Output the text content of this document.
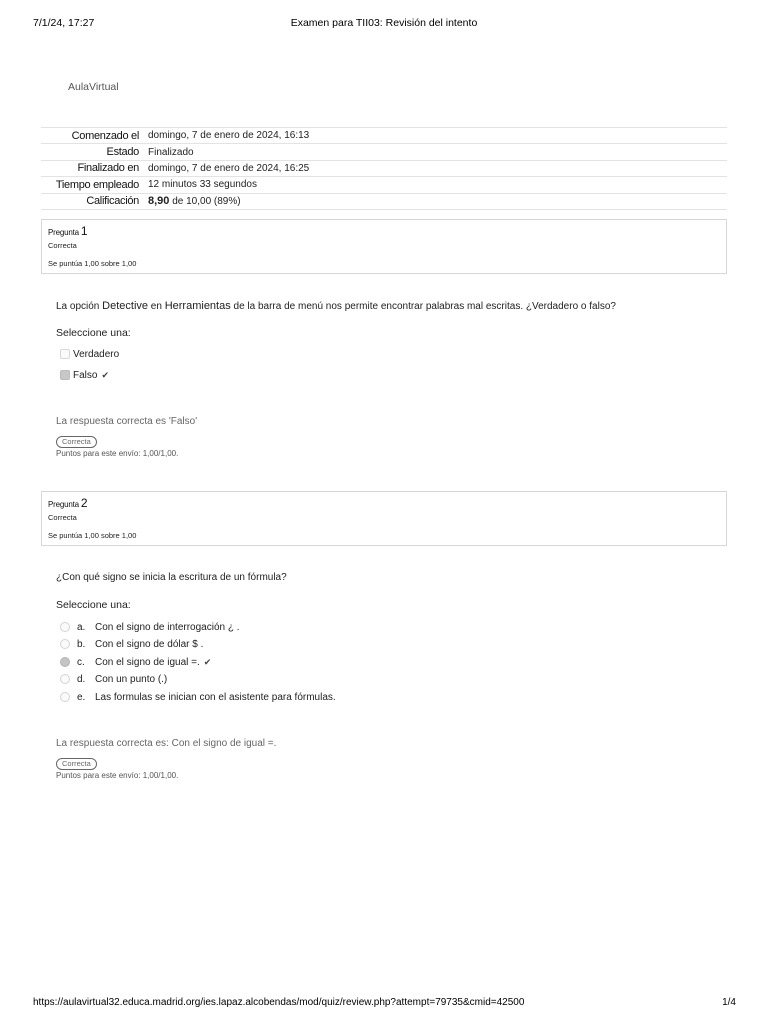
7/1/24, 17:27	Examen para TII03: Revisión del intento
AulaVirtual
Comenzado el	domingo, 7 de enero de 2024, 16:13
Estado	Finalizado
Finalizado en	domingo, 7 de enero de 2024, 16:25
Tiempo empleado	12 minutos 33 segundos
Calificación	8,90 de 10,00 (89%)
Pregunta 1
Correcta
Se puntúa 1,00 sobre 1,00
La opción Detective en Herramientas de la barra de menú nos permite encontrar palabras mal escritas. ¿Verdadero o falso?
Seleccione una:
Verdadero
Falso ✔
La respuesta correcta es 'Falso'
Correcta
Puntos para este envío: 1,00/1,00.
Pregunta 2
Correcta
Se puntúa 1,00 sobre 1,00
¿Con qué signo se inicia la escritura de un fórmula?
Seleccione una:
a. Con el signo de interrogación ¿ .
b. Con el signo de dólar $ .
c.	Con el signo de igual =. ✔
d. Con un punto (.)
e. Las formulas se inician con el asistente para fórmulas.
La respuesta correcta es: Con el signo de igual =.
Correcta
Puntos para este envío: 1,00/1,00.
https://aulavirtual32.educa.madrid.org/ies.lapaz.alcobendas/mod/quiz/review.php?attempt=79735&cmid=42500	1/4
